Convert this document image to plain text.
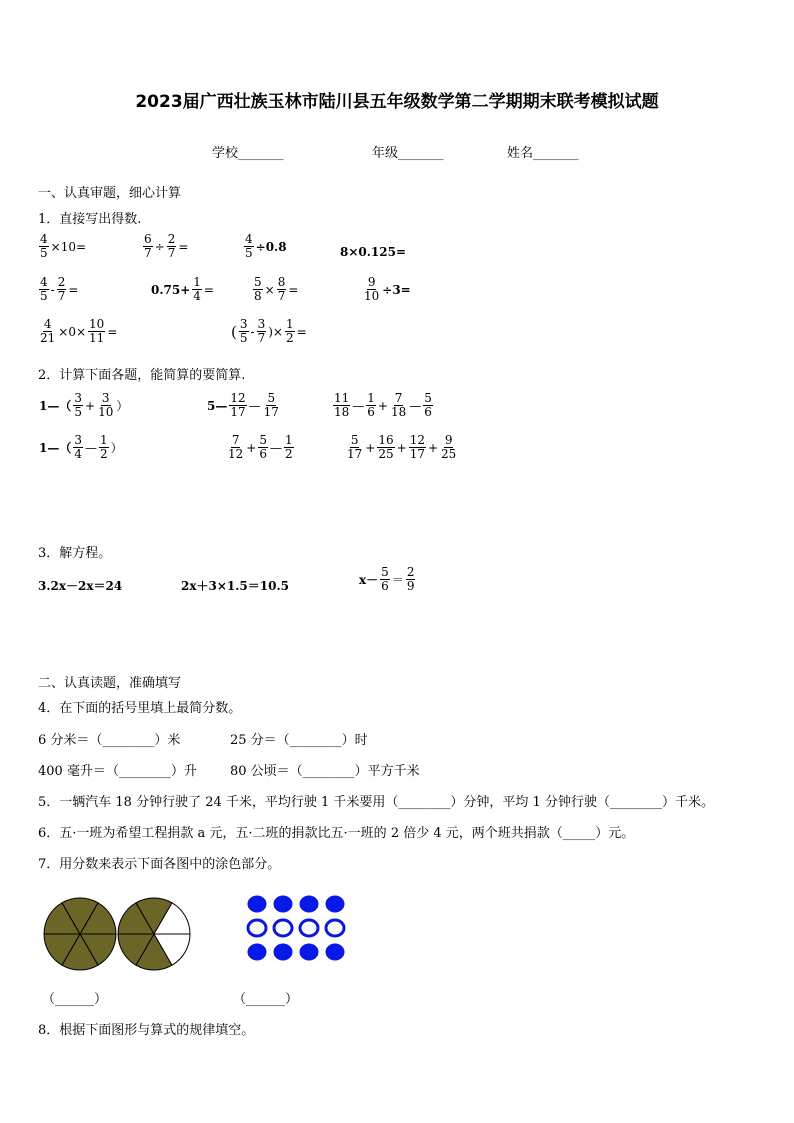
2023届广西壮族玉林市陆川县五年级数学第二学期期末联考模拟试题
学校_______	年级_______	姓名_______
一、认真审题，细心计算
1．直接写出得数.
$\frac{4}{5} \times 10=$	$\frac{6}{7} \div \frac{2}{7}$ =	$\frac{4}{5} \div 0.8$	8×0.125=
$\frac{4}{5} - \frac{2}{7}$ =	$0.75+ \frac{1}{4}$ =	$\frac{5}{8} \times \frac{8}{7}$ =	$\frac{9}{10} \div 3=$
$\frac{4}{21} \times 0\times \frac{10}{11}$ =	( $\frac{3}{5} - \frac{3}{7}$ )× $\frac{1}{2}$ =
2．计算下面各题，能简算的要简算.
1—（ $\frac{3}{5} + \frac{3}{10}$ ）	5— $\frac{12}{17}$ — $\frac{5}{17}$	$\frac{11}{18}$ — $\frac{1}{6} + \frac{7}{18}$ — $\frac{5}{6}$
1—（ $\frac{3}{4}$ — $\frac{1}{2}$ ）	$\frac{7}{12} + \frac{5}{6}$ — $\frac{1}{2}$	$\frac{5}{17} + \frac{16}{25} + \frac{12}{17} + \frac{9}{25}$
3．解方程。
3.2x－2x＝24	2x＋3×1.5＝10.5	$x- \frac{5}{6} = \frac{2}{9}$
二、认真读题，准确填写
4．在下面的括号里填上最简分数。
6 分米＝（________）米	25 分＝（________）时
400 毫升＝（________）升	80 公顷＝（________）平方千米
5．一辆汽车 18 分钟行驶了 24 千米，平均行驶 1 千米要用（________）分钟，平均 1 分钟行驶（________）千米。
6．五·一班为希望工程捐款 a 元，五·二班的捐款比五·一班的 2 倍少 4 元，两个班共捐款（_____）元。
7．用分数来表示下面各图中的涂色部分。
（______）	（______）
8．根据下面图形与算式的规律填空。
